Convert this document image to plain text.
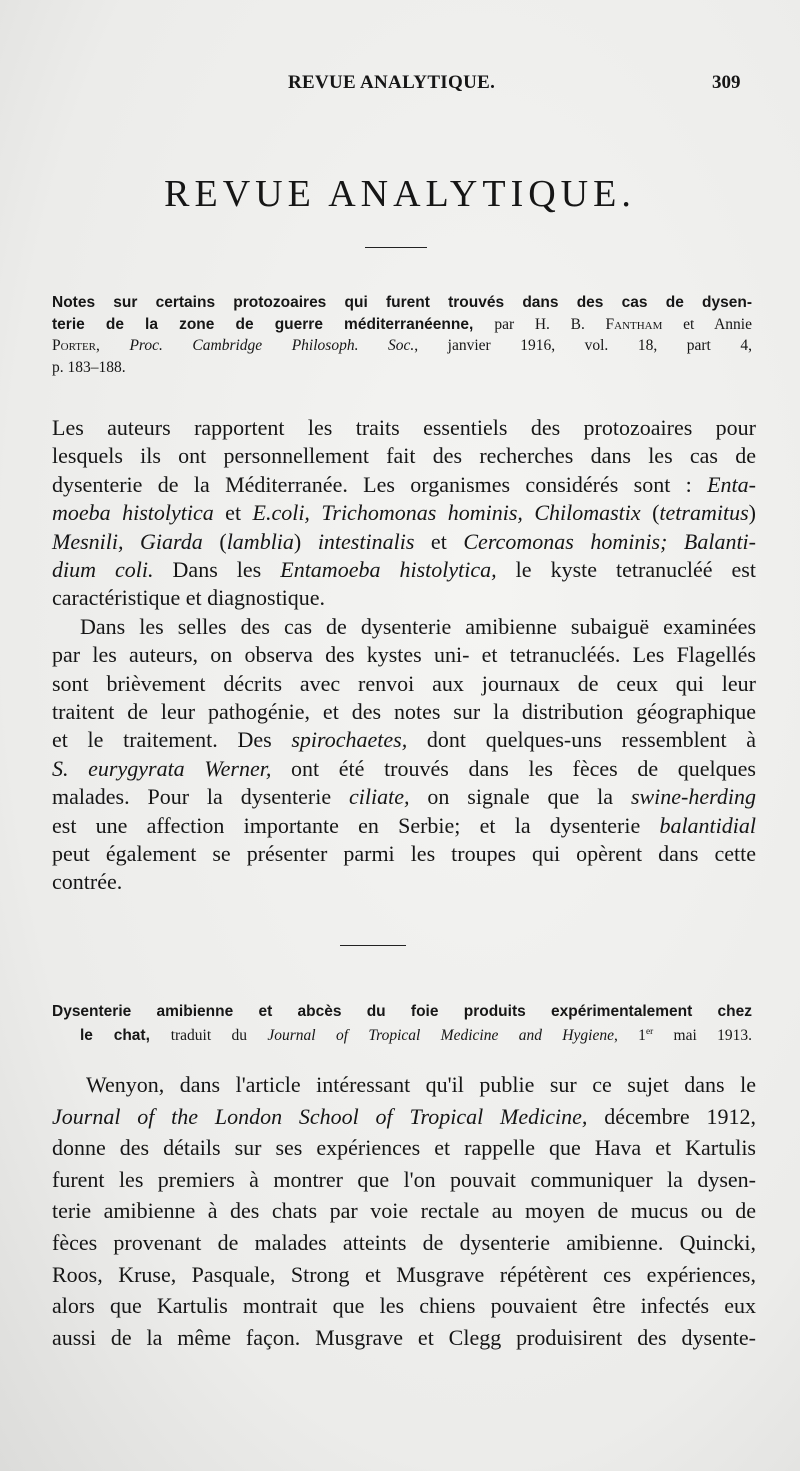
REVUE ANALYTIQUE.	309
REVUE ANALYTIQUE.
Notes sur certains protozoaires qui furent trouvés dans des cas de dysen-
terie de la zone de guerre méditerranéenne, par H. B. Fantham et Annie
Porter, Proc. Cambridge Philosoph. Soc., janvier 1916, vol. 18, part 4,
p. 183–188.
Les auteurs rapportent les traits essentiels des protozoaires pour
lesquels ils ont personnellement fait des recherches dans les cas de
dysenterie de la Méditerranée. Les organismes considérés sont : Enta-
moeba histolytica et E.coli, Trichomonas hominis, Chilomastix (tetramitus)
Mesnili, Giarda (lamblia) intestinalis et Cercomonas hominis; Balanti-
dium coli. Dans les Entamoeba histolytica, le kyste tetranucléé est
caractéristique et diagnostique.
Dans les selles des cas de dysenterie amibienne subaiguë examinées
par les auteurs, on observa des kystes uni- et tetranucléés. Les Flagellés
sont brièvement décrits avec renvoi aux journaux de ceux qui leur
traitent de leur pathogénie, et des notes sur la distribution géographique
et le traitement. Des spirochaetes, dont quelques-uns ressemblent à
S. eurygyrata Werner, ont été trouvés dans les fèces de quelques
malades. Pour la dysenterie ciliate, on signale que la swine-herding
est une affection importante en Serbie; et la dysenterie balantidial
peut également se présenter parmi les troupes qui opèrent dans cette
contrée.
Dysenterie amibienne et abcès du foie produits expérimentalement chez
le chat, traduit du Journal of Tropical Medicine and Hygiene, 1er mai 1913.
Wenyon, dans l'article intéressant qu'il publie sur ce sujet dans le
Journal of the London School of Tropical Medicine, décembre 1912,
donne des détails sur ses expériences et rappelle que Hava et Kartulis
furent les premiers à montrer que l'on pouvait communiquer la dysen-
terie amibienne à des chats par voie rectale au moyen de mucus ou de
fèces provenant de malades atteints de dysenterie amibienne. Quincki,
Roos, Kruse, Pasquale, Strong et Musgrave répétèrent ces expériences,
alors que Kartulis montrait que les chiens pouvaient être infectés eux
aussi de la même façon. Musgrave et Clegg produisirent des dysente-
